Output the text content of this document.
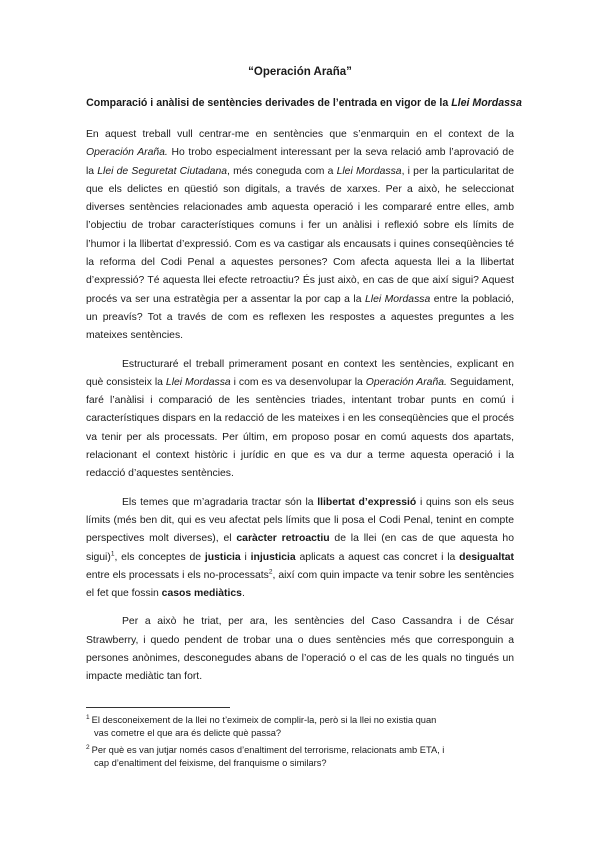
“Operación Araña”
Comparació i anàlisi de sentències derivades de l’entrada en vigor de la Llei Mordassa

En aquest treball vull centrar-me en sentències que s’enmarquin en el context de la Operación Araña. Ho trobo especialment interessant per la seva relació amb l’aprovació de la Llei de Seguretat Ciutadana, més coneguda com a Llei Mordassa, i per la particularitat de que els delictes en qüestió son digitals, a través de xarxes. Per a això, he seleccionat diverses sentències relacionades amb aquesta operació i les compararé entre elles, amb l’objectiu de trobar característiques comuns i fer un anàlisi i reflexió sobre els límits de l’humor i la llibertat d’expressió. Com es va castigar als encausats i quines conseqüències té la reforma del Codi Penal a aquestes persones? Com afecta aquesta llei a la llibertat d’expressió? Té aquesta llei efecte retroactiu? És just això, en cas de que així sigui? Aquest procés va ser una estratègia per a assentar la por cap a la Llei Mordassa entre la població, un preavís? Tot a través de com es reflexen les respostes a aquestes preguntes a les mateixes sentències.

Estructuraré el treball primerament posant en context les sentències, explicant en què consisteix la Llei Mordassa i com es va desenvolupar la Operación Araña. Seguidament, faré l’anàlisi i comparació de les sentències triades, intentant trobar punts en comú i característiques dispars en la redacció de les mateixes i en les conseqüències que el procés va tenir per als processats. Per últim, em proposo posar en comú aquests dos apartats, relacionant el context històric i jurídic en que es va dur a terme aquesta operació i la redacció d’aquestes sentències.

Els temes que m’agradaria tractar són la llibertat d’expressió i quins son els seus límits (més ben dit, qui es veu afectat pels límits que li posa el Codi Penal, tenint en compte perspectives molt diverses), el caràcter retroactiu de la llei (en cas de que aquesta ho sigui)$^1$, els conceptes de justicia i injusticia aplicats a aquest cas concret i la desigualtat entre els processats i els no-processats$^2$, així com quin impacte va tenir sobre les sentències el fet que fossin casos mediàtics.

Per a això he triat, per ara, les sentències del Caso Cassandra i de César Strawberry, i quedo pendent de trobar una o dues sentències més que corresponguin a persones anònimes, desconegudes abans de l’operació o el cas de les quals no tingués un impacte mediàtic tan fort.

$^1$ El desconeixement de la llei no t’eximeix de complir-la, però si la llei no existia quan
vas cometre el que ara és delicte què passa?

$^2$ Per què es van jutjar només casos d’enaltiment del terrorisme, relacionats amb ETA, i
cap d’enaltiment del feixisme, del franquisme o similars?
